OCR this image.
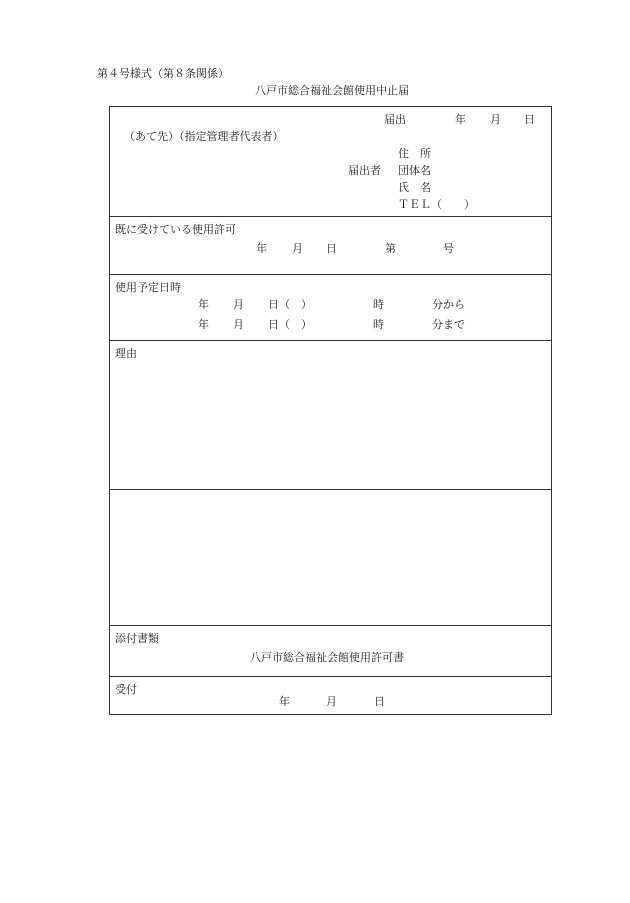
第４号様式（第８条関係）
八戸市総合福祉会館使用中止届
届出	年 月 日
（あて先）（指定管理者代表者）
住　所
届出者 団体名
氏　名
ＴＥＬ（　　）
既に受けている使用許可
年 月 日	第	号
使用予定日時
年 月 日（　）	時	分から
年 月 日（　）	時	分まで
理由
添付書類
八戸市総合福祉会館使用許可書
受付
年	月	日
